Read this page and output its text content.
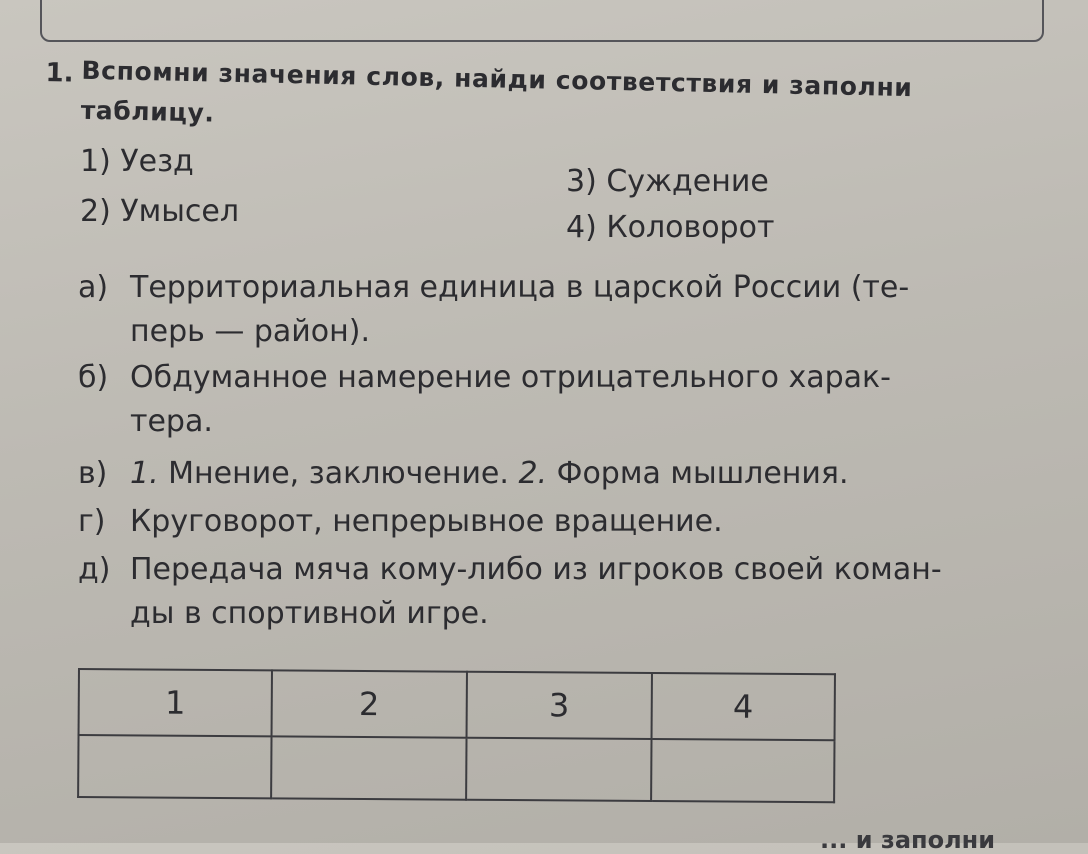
1. Вспомни значения слов, найди соответствия и заполни
таблицу.
1) Уезд
2) Умысел
3) Суждение
4) Коловорот
а) Территориальная единица в царской России (те-
перь — район).
б) Обдуманное намерение отрицательного харак-
тера.
в) 1. Мнение, заключение. 2. Форма мышления.
г) Круговорот, непрерывное вращение.
д) Передача мяча кому-либо из игроков своей коман-
ды в спортивной игре.
1	2	3	4

... и заполни
